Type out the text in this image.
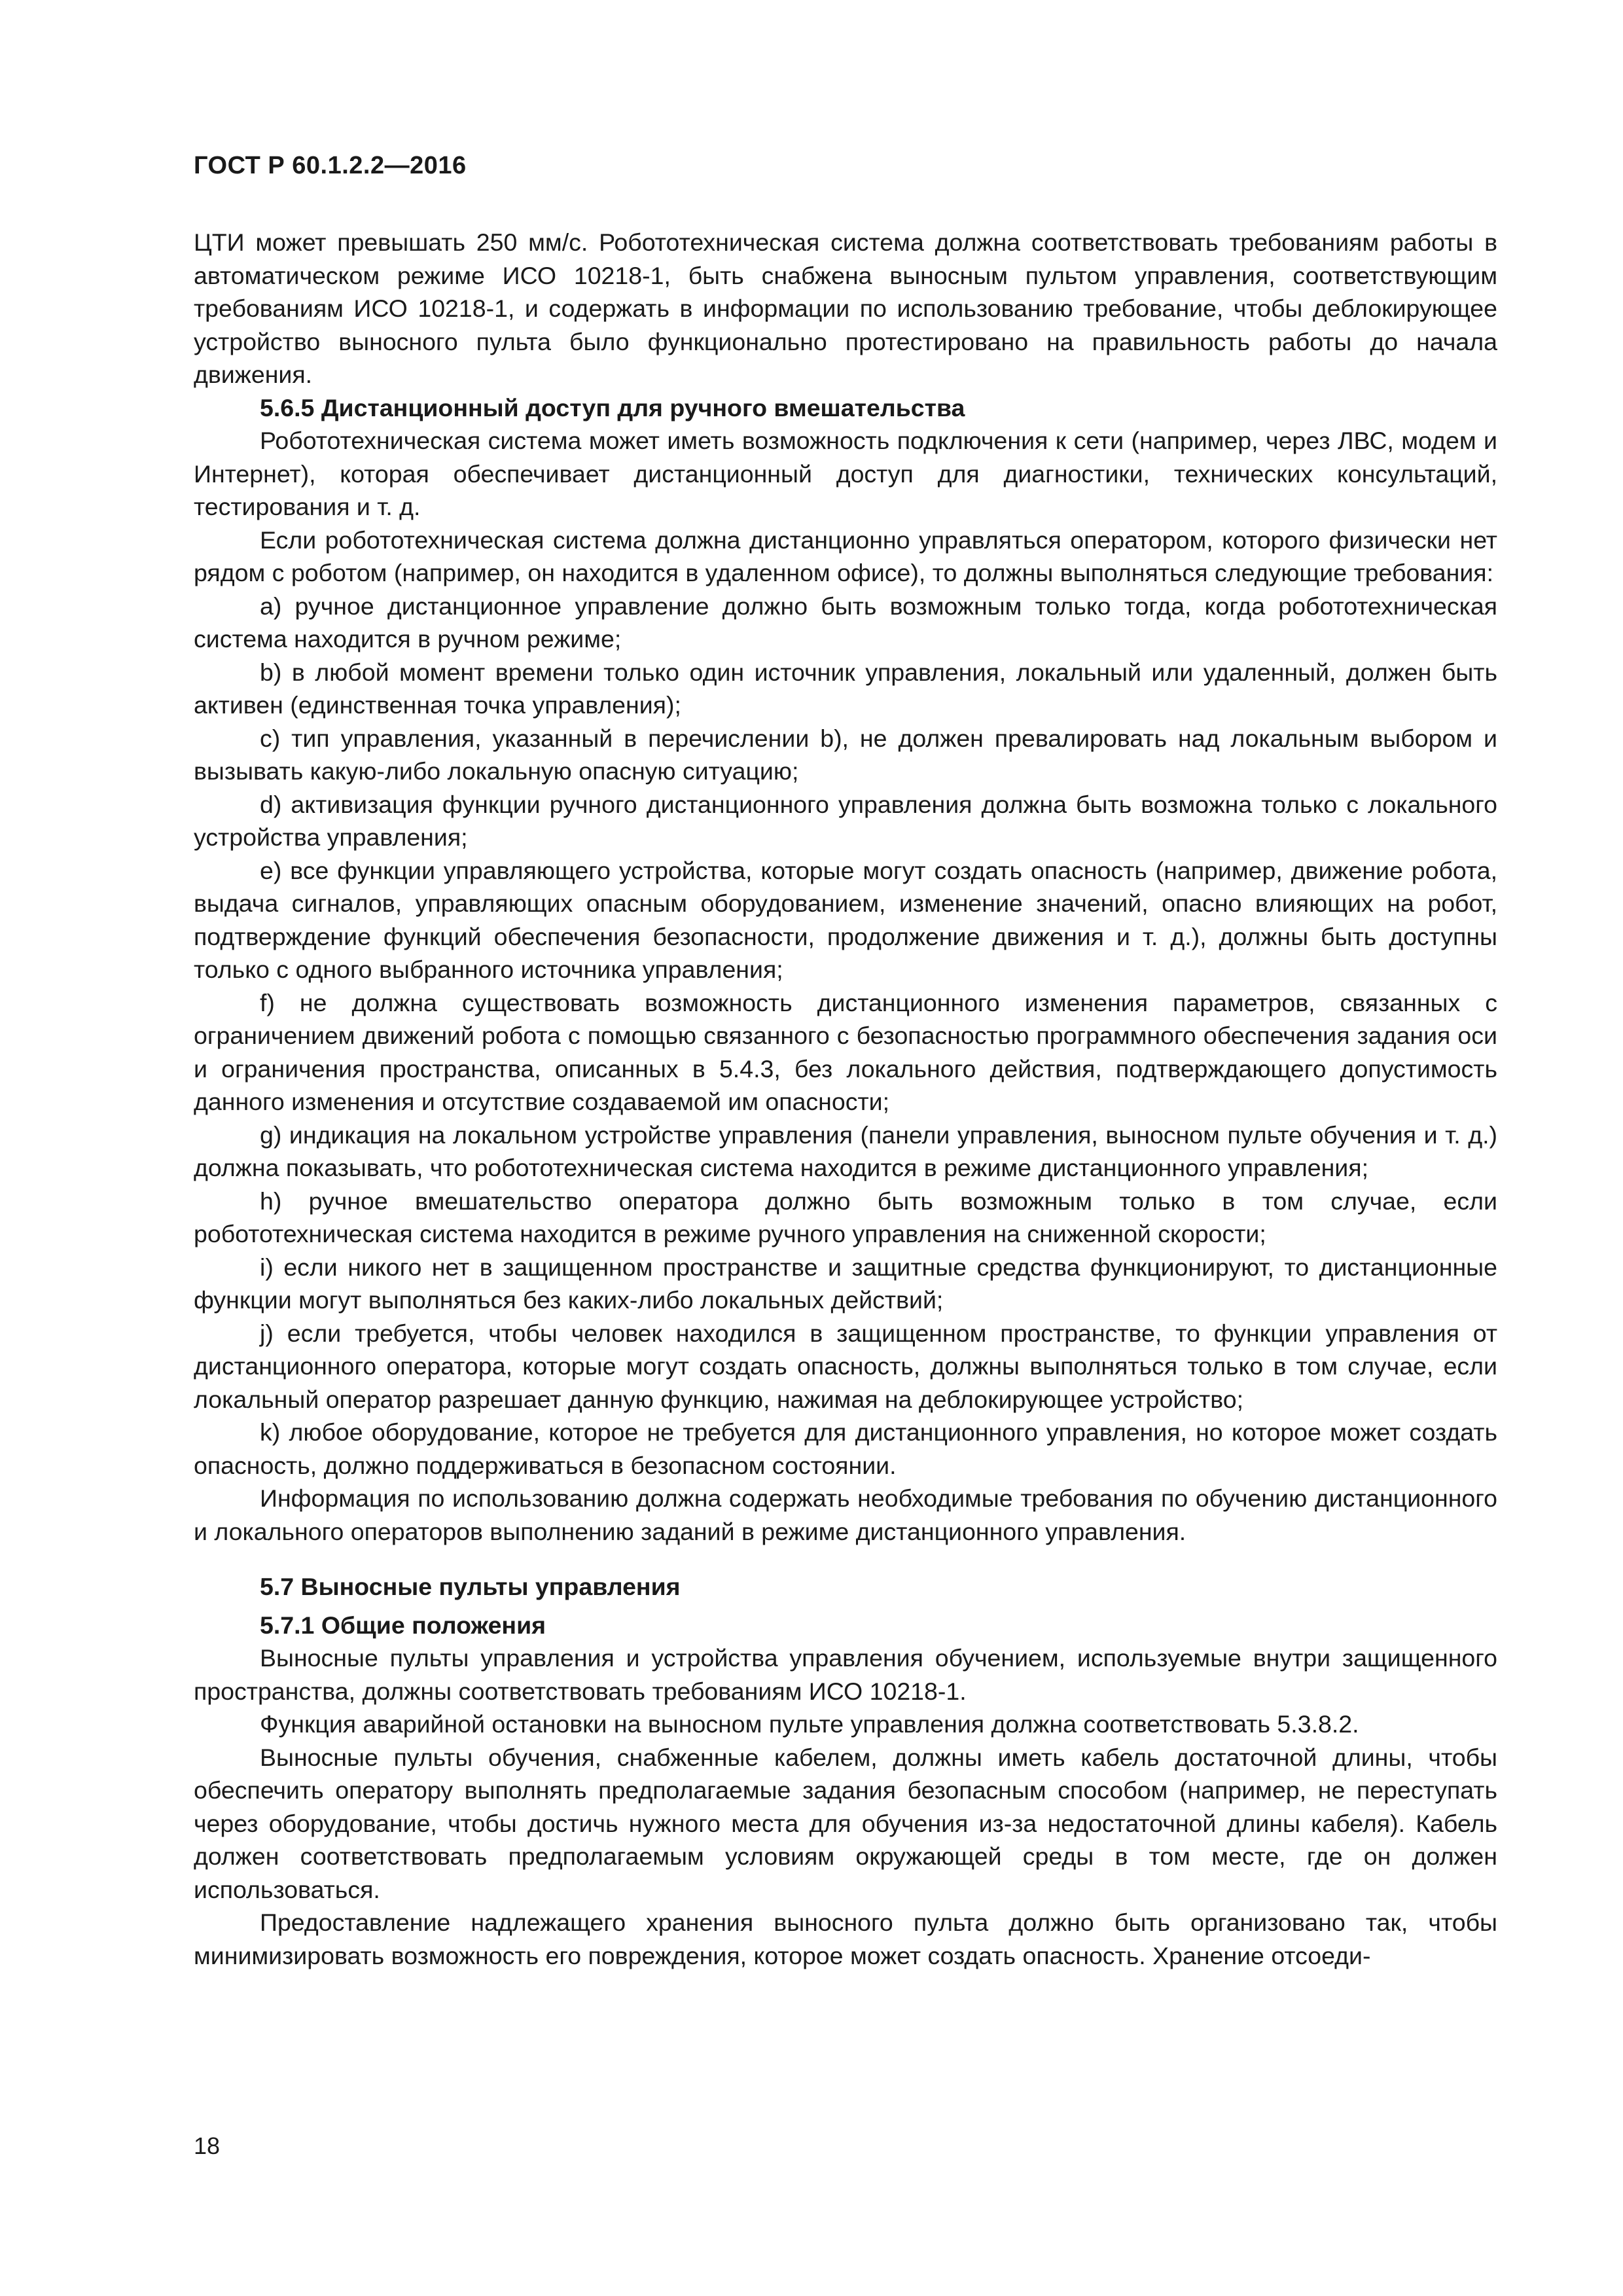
ГОСТ Р 60.1.2.2—2016

ЦТИ может превышать 250 мм/с. Робототехническая система должна соответствовать требованиям работы в автоматическом режиме ИСО 10218-1, быть снабжена выносным пультом управления, соответствующим требованиям ИСО 10218-1, и содержать в информации по использованию требование, чтобы деблокирующее устройство выносного пульта было функционально протестировано на правильность работы до начала движения.

5.6.5 Дистанционный доступ для ручного вмешательства

Робототехническая система может иметь возможность подключения к сети (например, через ЛВС, модем и Интернет), которая обеспечивает дистанционный доступ для диагностики, технических консультаций, тестирования и т. д.

Если робототехническая система должна дистанционно управляться оператором, которого физически нет рядом с роботом (например, он находится в удаленном офисе), то должны выполняться следующие требования:

а) ручное дистанционное управление должно быть возможным только тогда, когда робототехническая система находится в ручном режиме;

b) в любой момент времени только один источник управления, локальный или удаленный, должен быть активен (единственная точка управления);

c) тип управления, указанный в перечислении b), не должен превалировать над локальным выбором и вызывать какую-либо локальную опасную ситуацию;

d) активизация функции ручного дистанционного управления должна быть возможна только с локального устройства управления;

e) все функции управляющего устройства, которые могут создать опасность (например, движение робота, выдача сигналов, управляющих опасным оборудованием, изменение значений, опасно влияющих на робот, подтверждение функций обеспечения безопасности, продолжение движения и т. д.), должны быть доступны только с одного выбранного источника управления;

f) не должна существовать возможность дистанционного изменения параметров, связанных с ограничением движений робота с помощью связанного с безопасностью программного обеспечения задания оси и ограничения пространства, описанных в 5.4.3, без локального действия, подтверждающего допустимость данного изменения и отсутствие создаваемой им опасности;

g) индикация на локальном устройстве управления (панели управления, выносном пульте обучения и т. д.) должна показывать, что робототехническая система находится в режиме дистанционного управления;

h) ручное вмешательство оператора должно быть возможным только в том случае, если робототехническая система находится в режиме ручного управления на сниженной скорости;

i) если никого нет в защищенном пространстве и защитные средства функционируют, то дистанционные функции могут выполняться без каких-либо локальных действий;

j) если требуется, чтобы человек находился в защищенном пространстве, то функции управления от дистанционного оператора, которые могут создать опасность, должны выполняться только в том случае, если локальный оператор разрешает данную функцию, нажимая на деблокирующее устройство;

k) любое оборудование, которое не требуется для дистанционного управления, но которое может создать опасность, должно поддерживаться в безопасном состоянии.

Информация по использованию должна содержать необходимые требования по обучению дистанционного и локального операторов выполнению заданий в режиме дистанционного управления.

5.7 Выносные пульты управления
5.7.1 Общие положения

Выносные пульты управления и устройства управления обучением, используемые внутри защищенного пространства, должны соответствовать требованиям ИСО 10218-1.

Функция аварийной остановки на выносном пульте управления должна соответствовать 5.3.8.2.

Выносные пульты обучения, снабженные кабелем, должны иметь кабель достаточной длины, чтобы обеспечить оператору выполнять предполагаемые задания безопасным способом (например, не переступать через оборудование, чтобы достичь нужного места для обучения из-за недостаточной длины кабеля). Кабель должен соответствовать предполагаемым условиям окружающей среды в том месте, где он должен использоваться.

Предоставление надлежащего хранения выносного пульта должно быть организовано так, чтобы минимизировать возможность его повреждения, которое может создать опасность. Хранение отсоеди-

18
